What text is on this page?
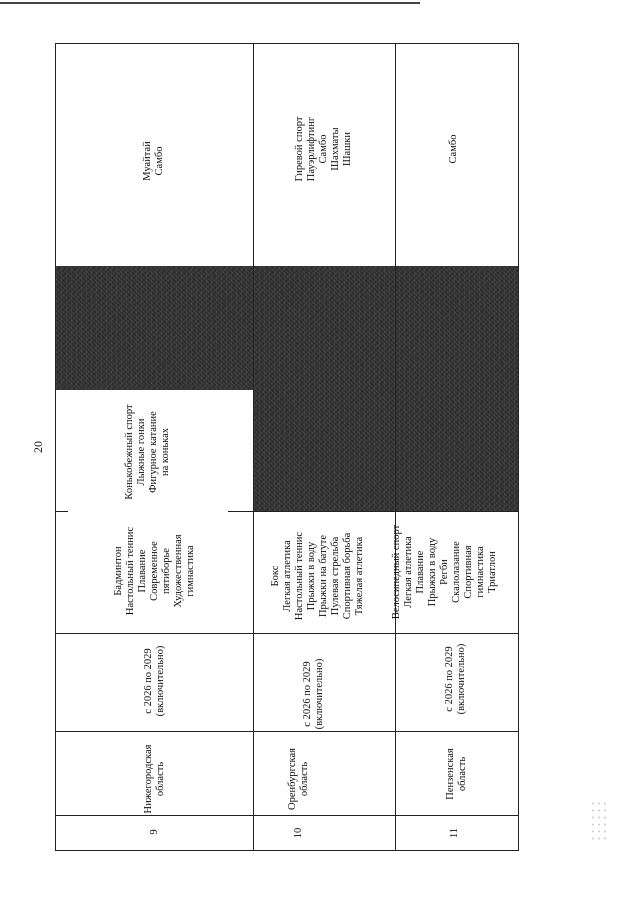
20
9
Нижегородская
область
с 2026 по 2029
(включительно)
Бадминтон
Настольный теннис
Плавание
Современное
пятиборье
Художественная
гимнастика
Конькобежный спорт
Лыжные гонки
Фигурное катание
на коньках
Муайтай
Самбо
10
Оренбургская
область
с 2026 по 2029
(включительно)
Бокс
Легкая атлетика
Настольный теннис
Прыжки в воду
Прыжки на батуте
Пулевая стрельба
Спортивная борьба
Тяжелая атлетика
Гиревой спорт
Пауэрлифтинг
Самбо
Шахматы
Шашки
11
Пензенская
область
с 2026 по 2029
(включительно)
Велосипедный спорт
Легкая атлетика
Плавание
Прыжки в воду
Регби
Скалолазание
Спортивная
гимнастика
Триатлон
Самбо
